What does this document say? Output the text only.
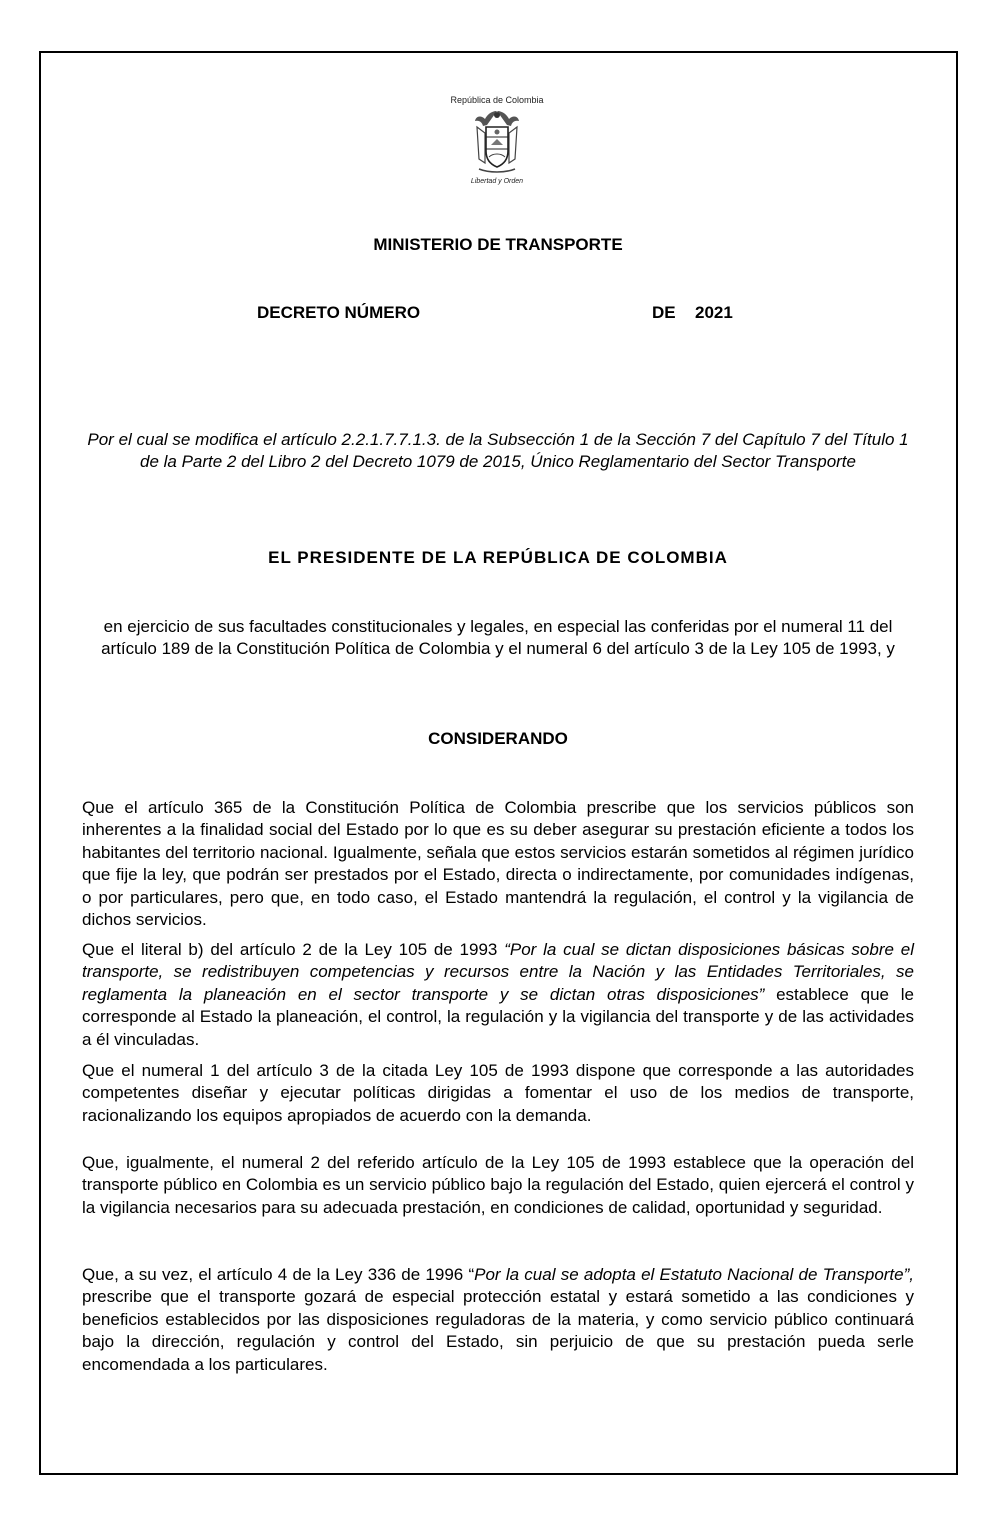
República de Colombia
Libertad y Orden
MINISTERIO DE TRANSPORTE
DECRETO NÚMERO	DE 2021
Por el cual se modifica el artículo 2.2.1.7.7.1.3. de la Subsección 1 de la Sección 7 del Capítulo 7 del Título 1 de la Parte 2 del Libro 2 del Decreto 1079 de 2015, Único Reglamentario del Sector Transporte
EL PRESIDENTE DE LA REPÚBLICA DE COLOMBIA
en ejercicio de sus facultades constitucionales y legales, en especial las conferidas por el numeral 11 del artículo 189 de la Constitución Política de Colombia y el numeral 6 del artículo 3 de la Ley 105 de 1993, y
CONSIDERANDO

Que el artículo 365 de la Constitución Política de Colombia prescribe que los servicios públicos son inherentes a la finalidad social del Estado por lo que es su deber asegurar su prestación eficiente a todos los habitantes del territorio nacional. Igualmente, señala que estos servicios estarán sometidos al régimen jurídico que fije la ley, que podrán ser prestados por el Estado, directa o indirectamente, por comunidades indígenas, o por particulares, pero que, en todo caso, el Estado mantendrá la regulación, el control y la vigilancia de dichos servicios.

Que el literal b) del artículo 2 de la Ley 105 de 1993 “Por la cual se dictan disposiciones básicas sobre el transporte, se redistribuyen competencias y recursos entre la Nación y las Entidades Territoriales, se reglamenta la planeación en el sector transporte y se dictan otras disposiciones” establece que le corresponde al Estado la planeación, el control, la regulación y la vigilancia del transporte y de las actividades a él vinculadas.

Que el numeral 1 del artículo 3 de la citada Ley 105 de 1993 dispone que corresponde a las autoridades competentes diseñar y ejecutar políticas dirigidas a fomentar el uso de los medios de transporte, racionalizando los equipos apropiados de acuerdo con la demanda.

Que, igualmente, el numeral 2 del referido artículo de la Ley 105 de 1993 establece que la operación del transporte público en Colombia es un servicio público bajo la regulación del Estado, quien ejercerá el control y la vigilancia necesarios para su adecuada prestación, en condiciones de calidad, oportunidad y seguridad.

Que, a su vez, el artículo 4 de la Ley 336 de 1996 “Por la cual se adopta el Estatuto Nacional de Transporte”, prescribe que el transporte gozará de especial protección estatal y estará sometido a las condiciones y beneficios establecidos por las disposiciones reguladoras de la materia, y como servicio público continuará bajo la dirección, regulación y control del Estado, sin perjuicio de que su prestación pueda serle encomendada a los particulares.
